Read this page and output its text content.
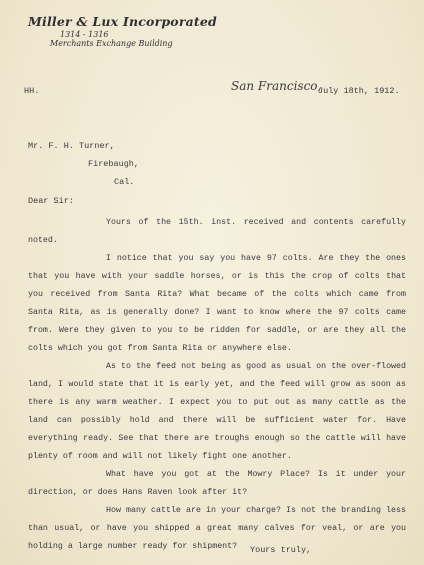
Miller & Lux Incorporated
1314 - 1316
Merchants Exchange Building
HH.	San Francisco,
July 18th, 1912.
Mr. F. H. Turner,
Firebaugh,
Cal.
Dear Sir:

Yours of the 15th. inst. received and contents carefully noted.

I notice that you say you have 97 colts. Are they the ones that you have with your saddle horses, or is this the crop of colts that you received from Santa Rita? What became of the colts which came from Santa Rita, as is generally done? I want to know where the 97 colts came from. Were they given to you to be ridden for saddle, or are they all the colts which you got from Santa Rita or anywhere else.

As to the feed not being as good as usual on the over-flowed land, I would state that it is early yet, and the feed will grow as soon as there is any warm weather. I expect you to put out as many cattle as the land can possibly hold and there will be sufficient water for. Have everything ready. See that there are troughs enough so the cattle will have plenty of room and will not likely fight one another.

What have you got at the Mowry Place? Is it under your direction, or does Hans Raven look after it?

How many cattle are in your charge? Is not the branding less than usual, or have you shipped a great many calves for veal, or are you holding a large number ready for shipment?	Yours truly,
